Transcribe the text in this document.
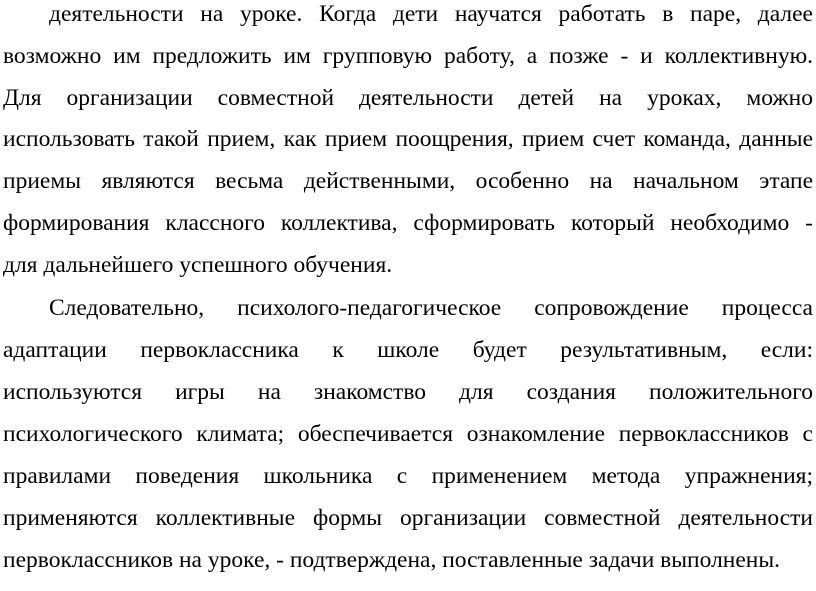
деятельности на уроке. Когда дети научатся работать в паре, далее
возможно им предложить им групповую работу, а позже - и коллективную.
Для организации совместной деятельности детей на уроках, можно
использовать такой прием, как прием поощрения, прием счет команда, данные
приемы являются весьма действенными, особенно на начальном этапе
формирования классного коллектива, сформировать который необходимо -
для дальнейшего успешного обучения.
Следовательно, психолого-педагогическое сопровождение процесса
адаптации первоклассника к школе будет результативным, если:
используются игры на знакомство для создания положительного
психологического климата; обеспечивается ознакомление первоклассников с
правилами поведения школьника с применением метода упражнения;
применяются коллективные формы организации совместной деятельности
первоклассников на уроке, - подтверждена, поставленные задачи выполнены.
